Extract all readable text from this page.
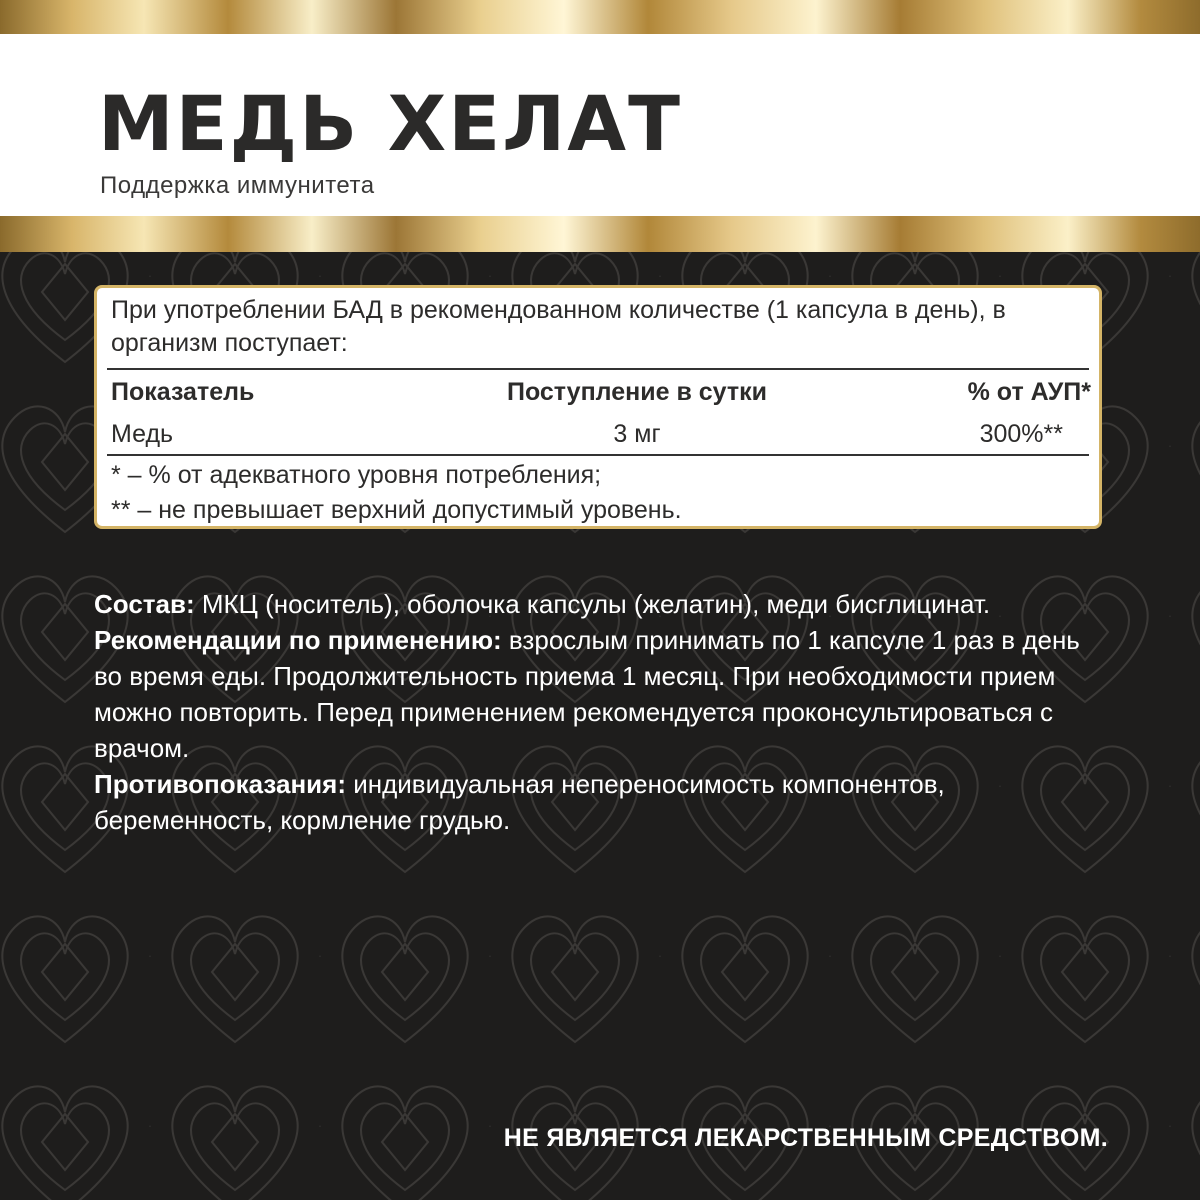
МЕДЬ ХЕЛАТ
Поддержка иммунитета
При употреблении БАД в рекомендованном количестве (1 капсула в день), в организм поступает:
Показатель	Поступление в сутки	% от АУП*
Медь	3 мг	300%**
* – % от адекватного уровня потребления;
** – не превышает верхний допустимый уровень.

Состав: МКЦ (носитель), оболочка капсулы (желатин), меди бисглицинат.

Рекомендации по применению: взрослым принимать по 1 капсуле 1 раз в день во время еды. Продолжительность приема 1 месяц. При необходимости прием можно повторить. Перед применением рекомендуется проконсультироваться с врачом.

Противопоказания: индивидуальная непереносимость компонентов, беременность, кормление грудью.

НЕ ЯВЛЯЕТСЯ ЛЕКАРСТВЕННЫМ СРЕДСТВОМ.
